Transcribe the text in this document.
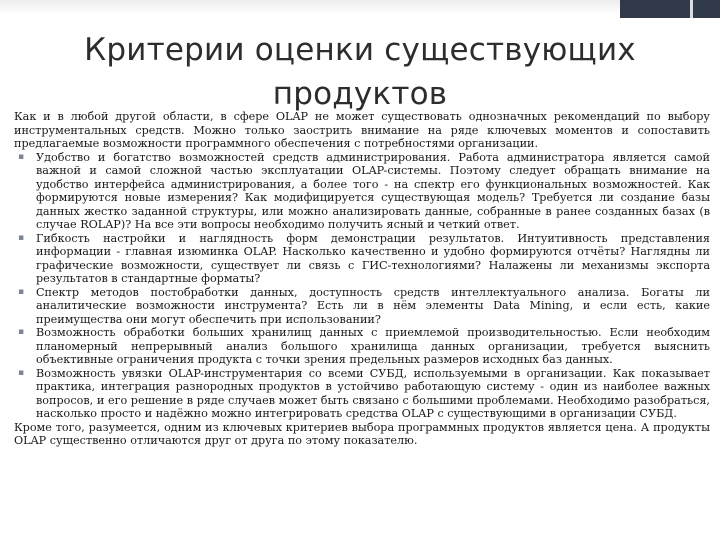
Критерии оценки существующих продуктов

Как и в любой другой области, в сфере OLAP не может существовать однозначных рекомендаций по выбору инструментальных средств. Можно только заострить внимание на ряде ключевых моментов и сопоставить предлагаемые возможности программного обеспечения с потребностями организации.

▪ Удобство и богатство возможностей средств администрирования. Работа администратора является самой важной и самой сложной частью эксплуатации OLAP-системы. Поэтому следует обращать внимание на удобство интерфейса администрирования, а более того - на спектр его функциональных возможностей. Как формируются новые измерения? Как модифицируется существующая модель? Требуется ли создание базы данных жестко заданной структуры, или можно анализировать данные, собранные в ранее созданных базах (в случае ROLAP)? На все эти вопросы необходимо получить ясный и четкий ответ.
▪ Гибкость настройки и наглядность форм демонстрации результатов. Интуитивность представления информации - главная изюминка OLAP. Насколько качественно и удобно формируются отчёты? Наглядны ли графические возможности, существует ли связь с ГИС-технологиями? Налажены ли механизмы экспорта результатов в стандартные форматы?
▪ Спектр методов постобработки данных, доступность средств интеллектуального анализа. Богаты ли аналитические возможности инструмента? Есть ли в нём элементы Data Mining, и если есть, какие преимущества они могут обеспечить при использовании?
▪ Возможность обработки больших хранилищ данных с приемлемой производительностью. Если необходим планомерный непрерывный анализ большого хранилища данных организации, требуется выяснить объективные ограничения продукта с точки зрения предельных размеров исходных баз данных.
▪ Возможность увязки OLAP-инструментария со всеми СУБД, используемыми в организации. Как показывает практика, интеграция разнородных продуктов в устойчиво работающую систему - один из наиболее важных вопросов, и его решение в ряде случаев может быть связано с большими проблемами. Необходимо разобраться, насколько просто и надёжно можно интегрировать средства OLAP с существующими в организации СУБД.

Кроме того, разумеется, одним из ключевых критериев выбора программных продуктов является цена. А продукты OLAP существенно отличаются друг от друга по этому показателю.
